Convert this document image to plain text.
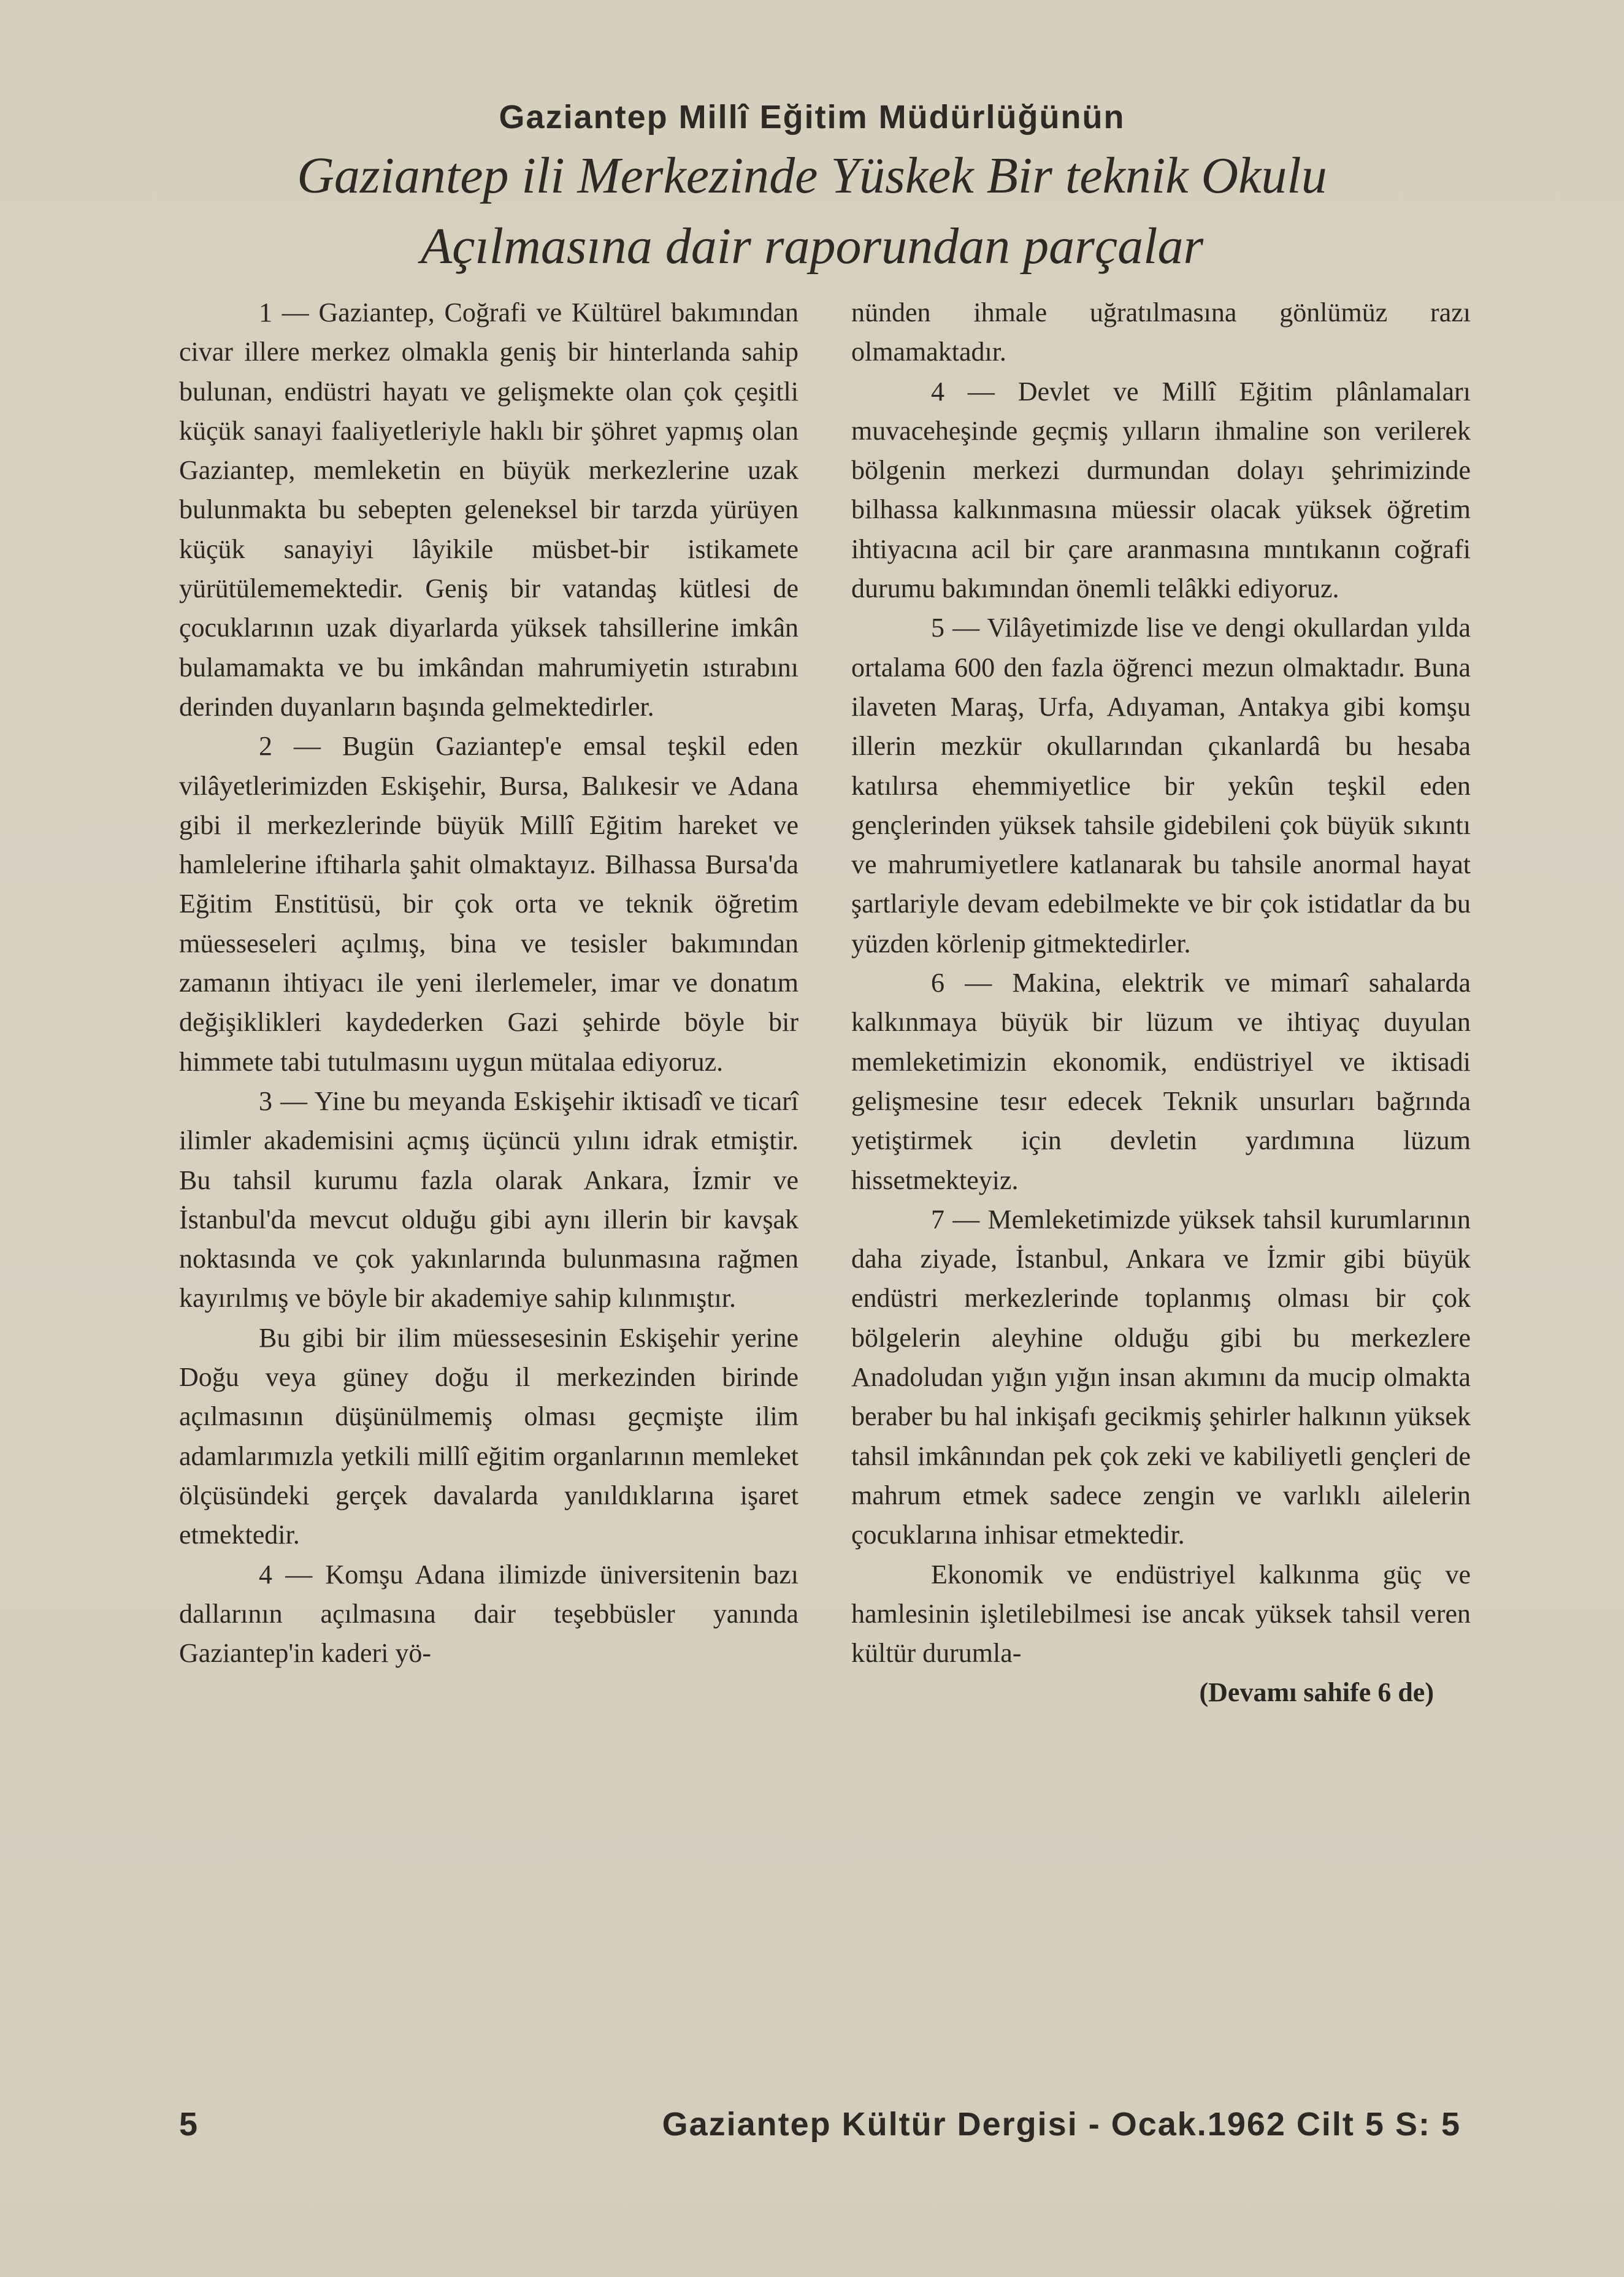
Gaziantep Millî Eğitim Müdürlüğünün
Gaziantep ili Merkezinde Yüskek Bir teknik Okulu
Açılmasına dair raporundan parçalar

1 — Gaziantep, Coğrafi ve Kültürel bakımından civar illere merkez olmakla geniş bir hinterlanda sahip bulunan, endüstri hayatı ve gelişmekte olan çok çeşitli küçük sanayi faaliyetleriyle haklı bir şöhret yapmış olan Gaziantep, memleketin en büyük merkezlerine uzak bulunmakta bu sebepten geleneksel bir tarzda yürüyen küçük sanayiyi lâyikile müsbet-bir istikamete yürütülememektedir. Geniş bir vatandaş kütlesi de çocuklarının uzak diyarlarda yüksek tahsillerine imkân bulamamakta ve bu imkândan mahrumiyetin ıstırabını derinden duyanların başında gelmektedirler.

2 — Bugün Gaziantep'e emsal teşkil eden vilâyetlerimizden Eskişehir, Bursa, Balıkesir ve Adana gibi il merkezlerinde büyük Millî Eğitim hareket ve hamlelerine iftiharla şahit olmaktayız. Bilhassa Bursa'da Eğitim Enstitüsü, bir çok orta ve teknik öğretim müesseseleri açılmış, bina ve tesisler bakımından zamanın ihtiyacı ile yeni ilerlemeler, imar ve donatım değişiklikleri kaydederken Gazi şehirde böyle bir himmete tabi tutulmasını uygun mütalaa ediyoruz.

3 — Yine bu meyanda Eskişehir iktisadî ve ticarî ilimler akademisini açmış üçüncü yılını idrak etmiştir. Bu tahsil kurumu fazla olarak Ankara, İzmir ve İstanbul'da mevcut olduğu gibi aynı illerin bir kavşak noktasında ve çok yakınlarında bulunmasına rağmen kayırılmış ve böyle bir akademiye sahip kılınmıştır.

Bu gibi bir ilim müessesesinin Eskişehir yerine Doğu veya güney doğu il merkezinden birinde açılmasının düşünülmemiş olması geçmişte ilim adamlarımızla yetkili millî eğitim organlarının memleket ölçüsündeki gerçek davalarda yanıldıklarına işaret etmektedir.

4 — Komşu Adana ilimizde üniversitenin bazı dallarının açılmasına dair teşebbüsler yanında Gaziantep'in kaderi yö-

nünden ihmale uğratılmasına gönlümüz razı olmamaktadır.

4 — Devlet ve Millî Eğitim plânlamaları muvaceheşinde geçmiş yılların ihmaline son verilerek bölgenin merkezi durmundan dolayı şehrimizinde bilhassa kalkınmasına müessir olacak yüksek öğretim ihtiyacına acil bir çare aranmasına mıntıkanın coğrafi durumu bakımından önemli telâkki ediyoruz.

5 — Vilâyetimizde lise ve dengi okullardan yılda ortalama 600 den fazla öğrenci mezun olmaktadır. Buna ilaveten Maraş, Urfa, Adıyaman, Antakya gibi komşu illerin mezkür okullarından çıkanlardâ bu hesaba katılırsa ehemmiyetlice bir yekûn teşkil eden gençlerinden yüksek tahsile gidebileni çok büyük sıkıntı ve mahrumiyetlere katlanarak bu tahsile anormal hayat şartlariyle devam edebilmekte ve bir çok istidatlar da bu yüzden körlenip gitmektedirler.

6 — Makina, elektrik ve mimarî sahalarda kalkınmaya büyük bir lüzum ve ihtiyaç duyulan memleketimizin ekonomik, endüstriyel ve iktisadi gelişmesine tesır edecek Teknik unsurları bağrında yetiştirmek için devletin yardımına lüzum hissetmekteyiz.

7 — Memleketimizde yüksek tahsil kurumlarının daha ziyade, İstanbul, Ankara ve İzmir gibi büyük endüstri merkezlerinde toplanmış olması bir çok bölgelerin aleyhine olduğu gibi bu merkezlere Anadoludan yığın yığın insan akımını da mucip olmakta beraber bu hal inkişafı gecikmiş şehirler halkının yüksek tahsil imkânından pek çok zeki ve kabiliyetli gençleri de mahrum etmek sadece zengin ve varlıklı ailelerin çocuklarına inhisar etmektedir.

Ekonomik ve endüstriyel kalkınma güç ve hamlesinin işletilebilmesi ise ancak yüksek tahsil veren kültür durumla-

(Devamı sahife 6 de)
5	Gaziantep Kültür Dergisi - Ocak.1962 Cilt 5 S: 5
